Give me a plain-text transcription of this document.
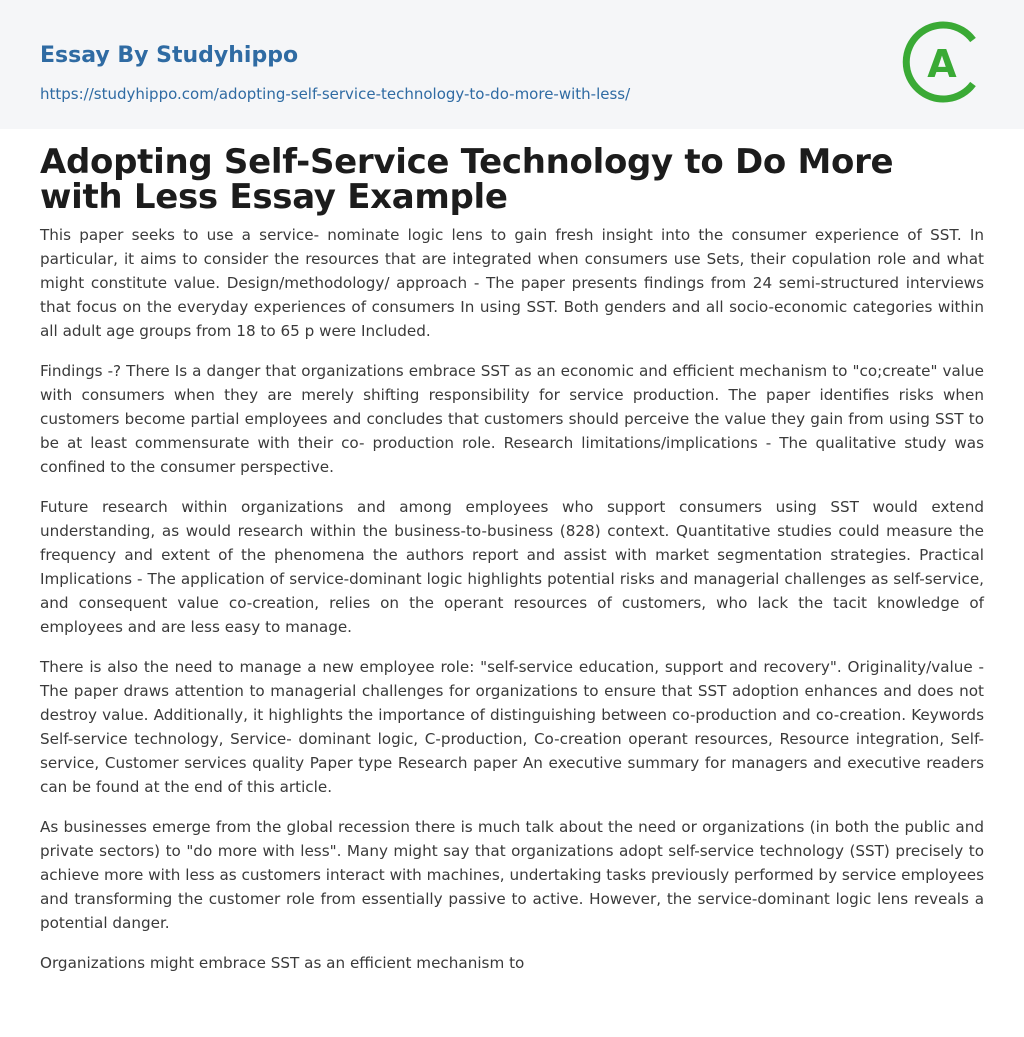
Essay By Studyhippo
https://studyhippo.com/adopting-self-service-technology-to-do-more-with-less/
A
Adopting Self-Service Technology to Do More with Less Essay Example

This paper seeks to use a service- nominate logic lens to gain fresh insight into the consumer experience of SST. In particular, it aims to consider the resources that are integrated when consumers use Sets, their copulation role and what might constitute value. Design/methodology/ approach - The paper presents findings from 24 semi-structured interviews that focus on the everyday experiences of consumers In using SST. Both genders and all socio-economic categories within all adult age groups from 18 to 65 p were Included.

Findings -? There Is a danger that organizations embrace SST as an economic and efficient mechanism to "co;create" value with consumers when they are merely shifting responsibility for service production. The paper identifies risks when customers become partial employees and concludes that customers should perceive the value they gain from using SST to be at least commensurate with their co- production role. Research limitations/implications - The qualitative study was confined to the consumer perspective.

Future research within organizations and among employees who support consumers using SST would extend understanding, as would research within the business-to-business (828) context. Quantitative studies could measure the frequency and extent of the phenomena the authors report and assist with market segmentation strategies. Practical Implications - The application of service-dominant logic highlights potential risks and managerial challenges as self-service, and consequent value co-creation, relies on the operant resources of customers, who lack the tacit knowledge of employees and are less easy to manage.

There is also the need to manage a new employee role: "self-service education, support and recovery". Originality/value - The paper draws attention to managerial challenges for organizations to ensure that SST adoption enhances and does not destroy value. Additionally, it highlights the importance of distinguishing between co-production and co-creation. Keywords Self-service technology, Service- dominant logic, C-production, Co-creation operant resources, Resource integration, Self-service, Customer services quality Paper type Research paper An executive summary for managers and executive readers can be found at the end of this article.

As businesses emerge from the global recession there is much talk about the need or organizations (in both the public and private sectors) to "do more with less". Many might say that organizations adopt self-service technology (SST) precisely to achieve more with less as customers interact with machines, undertaking tasks previously performed by service employees and transforming the customer role from essentially passive to active. However, the service-dominant logic lens reveals a potential danger.

Organizations might embrace SST as an efficient mechanism to
